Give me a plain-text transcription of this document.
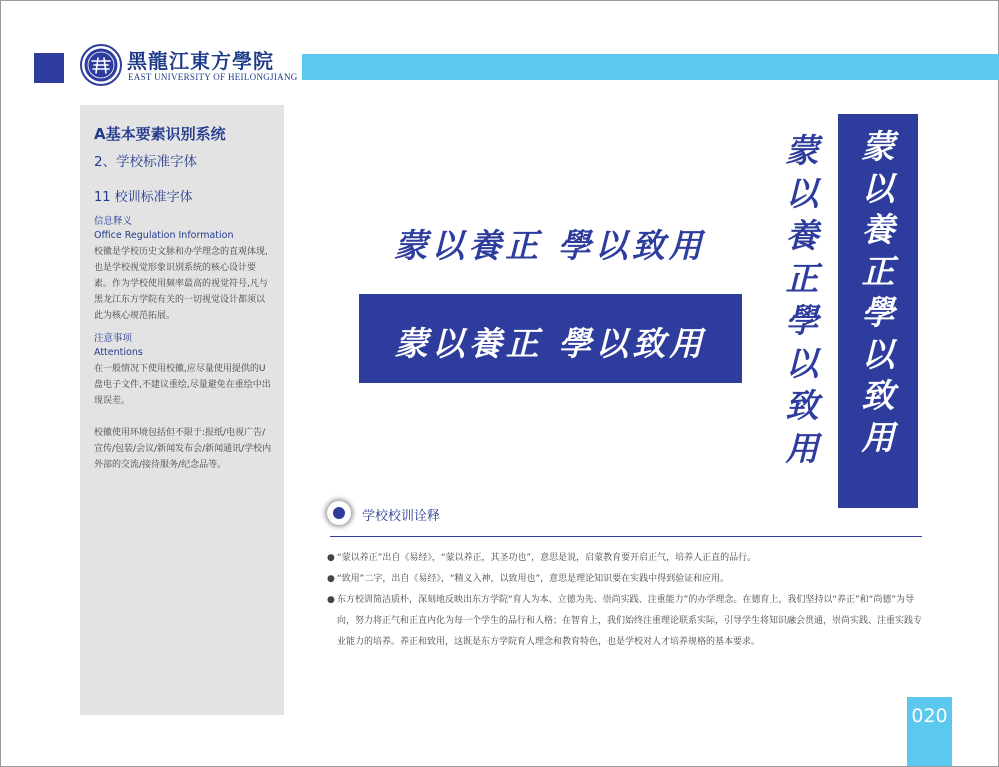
黑龍江東方學院
EAST UNIVERSITY OF HEILONGJIANG
A基本要素识别系统
2、学校标准字体
11 校训标准字体
信息释义
Office Regulation Information
校徽是学校历史文脉和办学理念的直观体现,也是学校视觉形象识别系统的核心设计要素。作为学校使用频率最高的视觉符号,凡与黑龙江东方学院有关的一切视觉设计都须以此为核心规范拓展。
注意事项
Attentions
在一般情况下使用校徽,应尽量使用提供的U盘电子文件,不建议重绘,尽量避免在重绘中出现误差。
校徽使用环境包括但不限于:报纸/电视广告/宣传/包装/会议/新闻发布会/新闻通讯/学校内外部的交流/接待服务/纪念品等。
蒙以養正 學以致用
蒙以養正 學以致用
蒙
以
養
正
學
以
致
用
蒙
以
養
正
學
以
致
用
学校校训诠释
● “蒙以养正”出自《易经》，“蒙以养正，其圣功也”，意思是说，启蒙教育要开启正气，培养人正直的品行。
● “致用”二字，出自《易经》，“精义入神，以致用也”，意思是理论知识要在实践中得到验证和应用。
● 东方校训简洁质朴，深刻地反映出东方学院“育人为本、立德为先、崇尚实践、注重能力”的办学理念。在德育上，我们坚持以“养正”和“尚德”为导向，努力将正气和正直内化为每一个学生的品行和人格；在智育上，我们始终注重理论联系实际，引导学生将知识融会贯通，崇尚实践、注重实践专业能力的培养。养正和致用，这既是东方学院育人理念和教育特色，也是学校对人才培养规格的基本要求。
020
